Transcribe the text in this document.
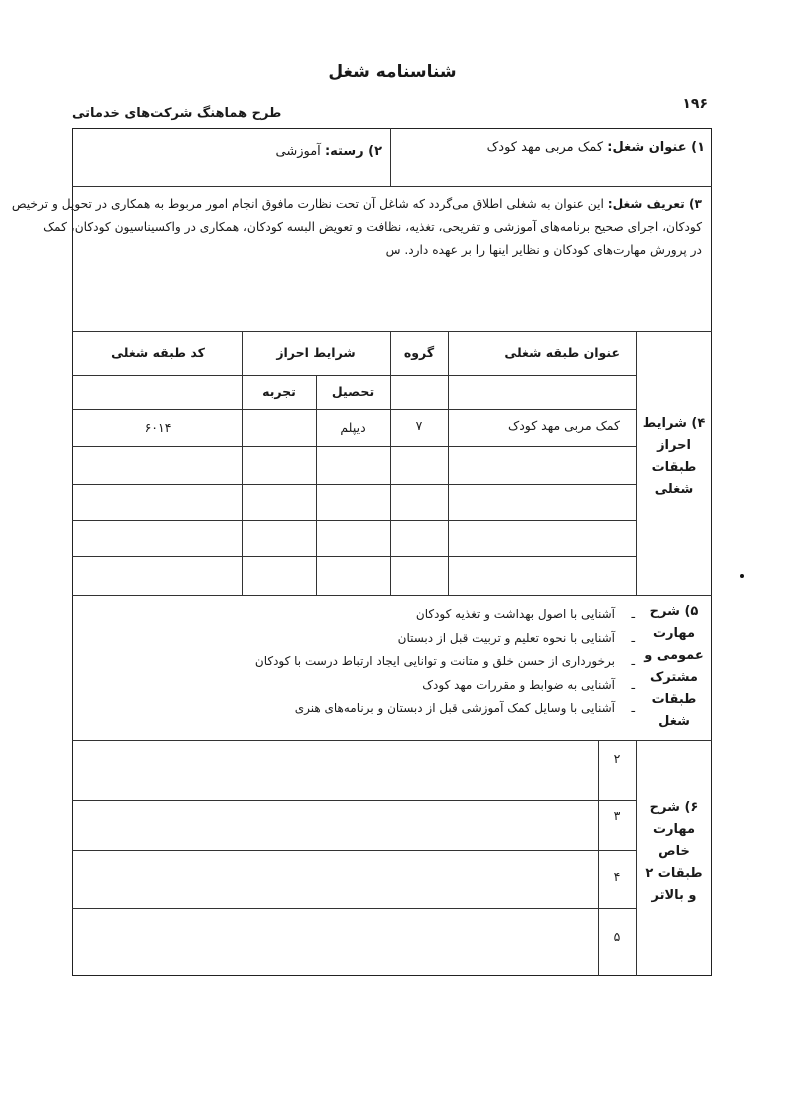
شناسنامه شغل
۱۹۶
طرح هماهنگ شرکت‌های خدماتی
۱) عنوان شغل: کمک مربی مهد کودک
۲) رسته: آموزشی
۳) تعریف شغل: این عنوان به شغلی اطلاق می‌گردد که شاغل آن تحت نظارت مافوق انجام امور مربوط به همکاری در تحویل و ترخیص
کودکان، اجرای صحیح برنامه‌های آموزشی و تفریحی، تغذیه، نظافت و تعویض البسه کودکان، همکاری در واکسیناسیون کودکان، کمک
در پرورش مهارت‌های کودکان و نظایر اینها را بر عهده دارد. س
۴) شرایط
احراز
طبقات
شغلی
عنوان طبقه شغلی
گروه
شرایط احراز
کد طبقه شغلی
تحصیل
تجربه
کمک مربی مهد کودک
۷
دیپلم
۶۰۱۴
۵) شرح
مهارت
عمومی و
مشترک
طبقات
شغل
ـآشنایی با اصول بهداشت و تغذیه کودکان
ـآشنایی با نحوه تعلیم و تربیت قبل از دبستان
ـبرخورداری از حسن خلق و متانت و توانایی ایجاد ارتباط درست با کودکان
ـآشنایی به ضوابط و مقررات مهد کودک
ـآشنایی با وسایل کمک آموزشی قبل از دبستان و برنامه‌های هنری
۶) شرح
مهارت
خاص
طبقات ۲
و بالاتر
۲
۳
۴
۵
